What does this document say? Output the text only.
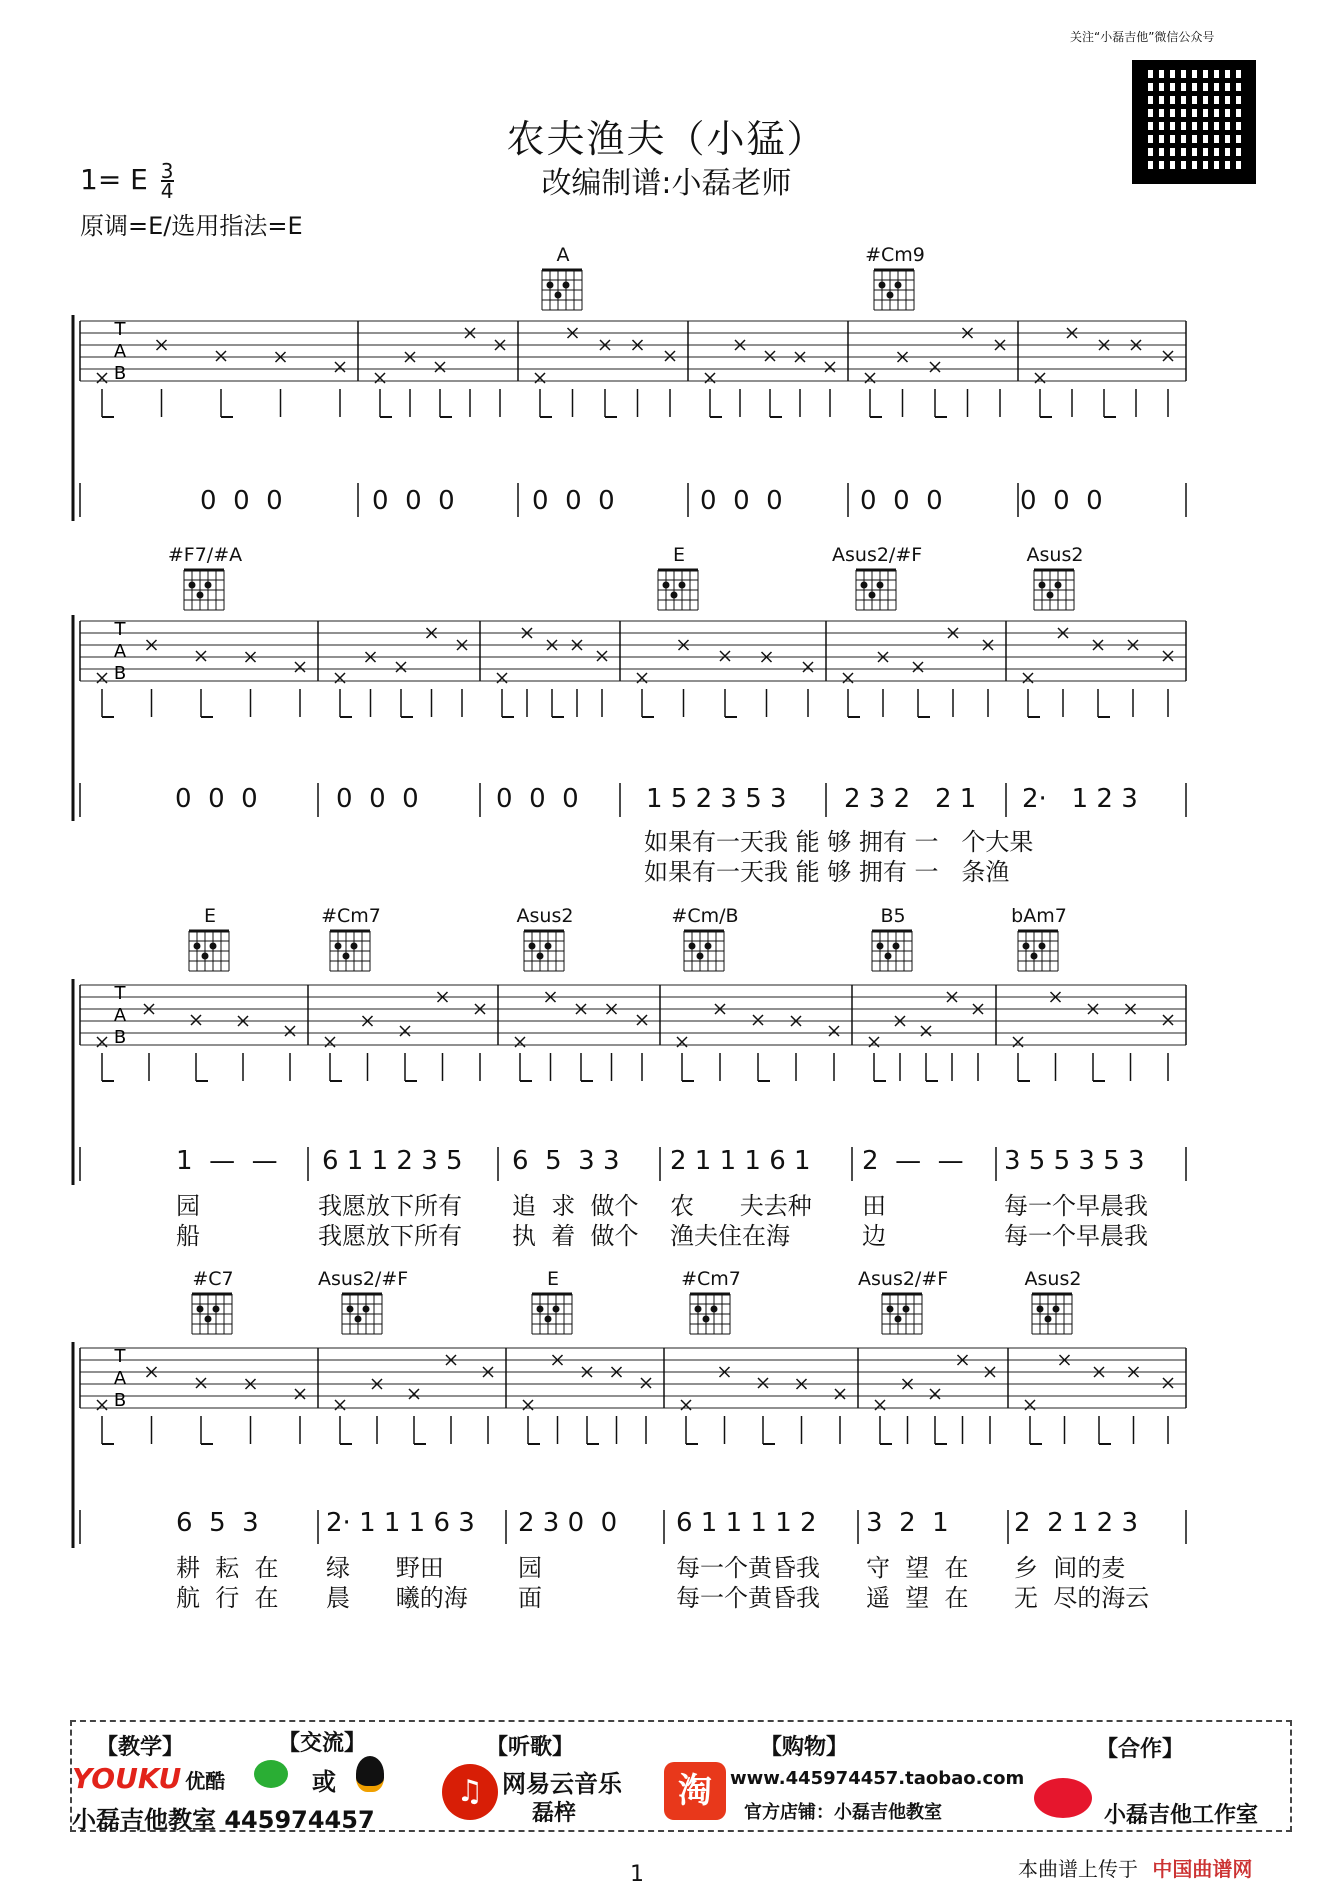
关注“小磊吉他”微信公众号
农夫渔夫（小猛）
改编制谱:小磊老师
1= E $\frac{3}{4}$
原调=E/选用指法=E
T
A
B
T
A
B
T
A
B
T
A
B
A	#Cm9
0  0  0	0  0  0	0  0  0	0  0  0	0  0  0	0  0  0
#F7/#A	E	Asus2/#F	Asus2
0  0  0	0  0  0	0  0  0	1 5 2 3 5 3 2 3 2   2 1 2·   1 2 3
如果有一天我 能 够 拥有 一   个大果
如果有一天我 能 够 拥有 一   条渔
E	#Cm7	Asus2	#Cm/B	B5	bAm7
1  —  — 6 1 1 2 3 5 6  5  3 3 2 1 1 1 6 1 2  —  — 3 5 5 3 5 3
园	我愿放下所有 追  求  做个 农      夫去种 田	每一个早晨我
船	我愿放下所有 执  着  做个 渔夫住在海	边	每一个早晨我
#C7	Asus2/#F	E	#Cm7	Asus2/#F	Asus2
6  5  3	2· 1 1 1 6 3 2 3 0  0 6 1 1 1 1 2 3  2  1	2  2 1 2 3
耕  耘  在 绿      野田	园	每一个黄昏我 守  望  在 乡  间的麦
航  行  在 晨      曦的海 面	每一个黄昏我 遥  望  在 无  尽的海云
【教学】	【交流】	【听歌】	【购物】	【合作】
YOUKU 优酷	或
小磊吉他教室 445974457
♫ 网易云音乐
磊梓
淘	www.445974457.taobao.com
官方店铺：小磊吉他教室	小磊吉他工作室
本曲谱上传于 中国曲谱网
1
